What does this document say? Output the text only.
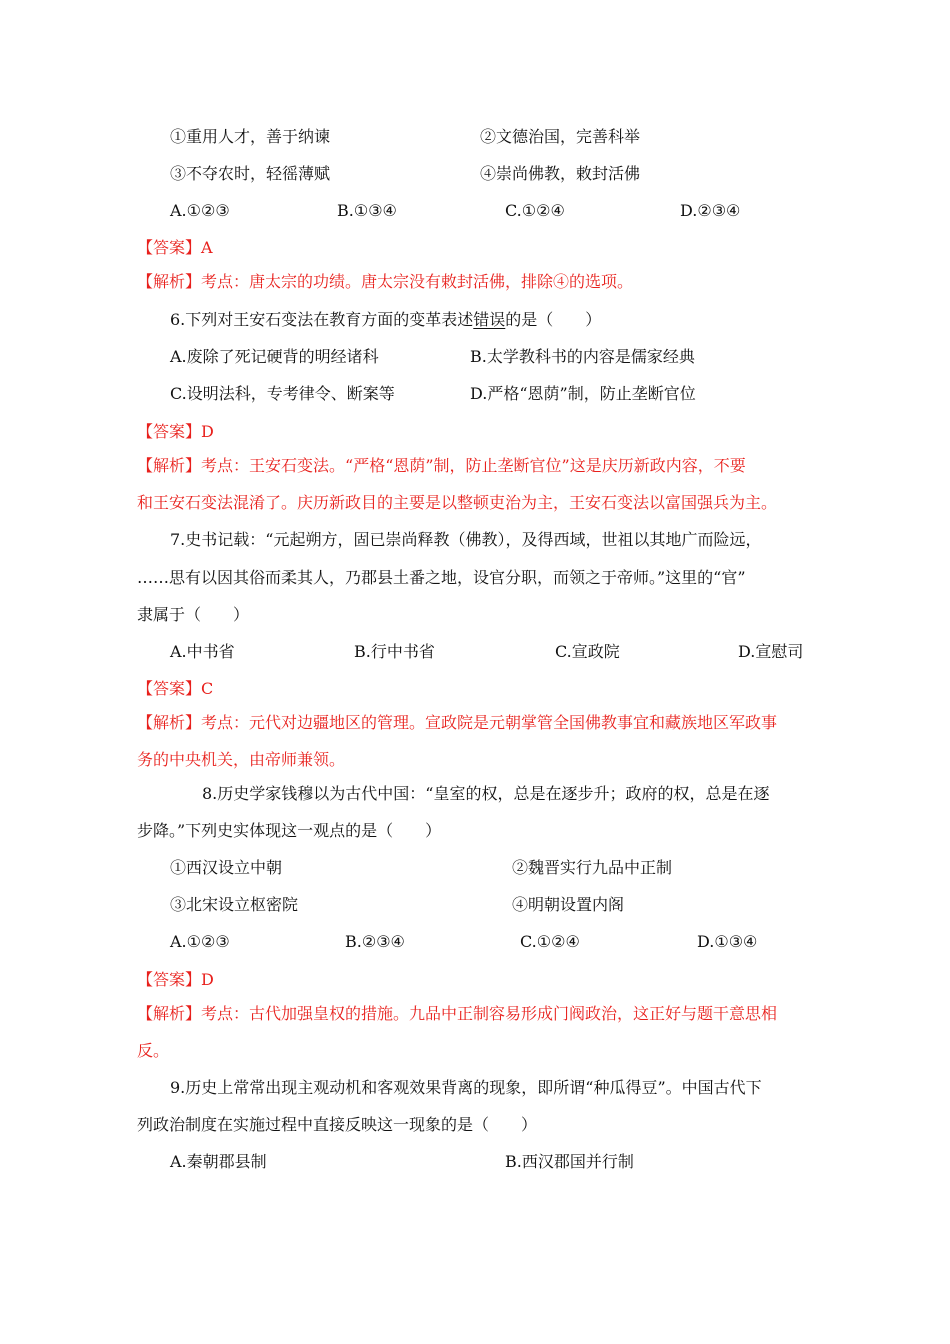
①重用人才，善于纳谏	②文德治国，完善科举
③不夺农时，轻徭薄赋	④崇尚佛教，敕封活佛
A.①②③	B.①③④	C.①②④	D.②③④
【答案】A
【解析】考点：唐太宗的功绩。唐太宗没有敕封活佛，排除④的选项。
6.下列对王安石变法在教育方面的变革表述错误的是（　　）
A.废除了死记硬背的明经诸科	B.太学教科书的内容是儒家经典
C.设明法科，专考律令、断案等	D.严格“恩荫”制，防止垄断官位
【答案】D
【解析】考点：王安石变法。“严格“恩荫”制，防止垄断官位”这是庆历新政内容，不要
和王安石变法混淆了。庆历新政目的主要是以整顿吏治为主，王安石变法以富国强兵为主。
7.史书记载：“元起朔方，固已崇尚释教（佛教），及得西域，世祖以其地广而险远，
……思有以因其俗而柔其人，乃郡县土番之地，设官分职，而领之于帝师。”这里的“官”
隶属于（　　）
A.中书省	B.行中书省	C.宣政院	D.宣慰司
【答案】C
【解析】考点：元代对边疆地区的管理。宣政院是元朝掌管全国佛教事宜和藏族地区军政事
务的中央机关，由帝师兼领。
8.历史学家钱穆以为古代中国：“皇室的权，总是在逐步升；政府的权，总是在逐
步降。”下列史实体现这一观点的是（　　）
①西汉设立中朝	②魏晋实行九品中正制
③北宋设立枢密院	④明朝设置内阁
A.①②③	B.②③④	C.①②④	D.①③④
【答案】D
【解析】考点：古代加强皇权的措施。九品中正制容易形成门阀政治，这正好与题干意思相
反。
9.历史上常常出现主观动机和客观效果背离的现象，即所谓“种瓜得豆”。中国古代下
列政治制度在实施过程中直接反映这一现象的是（　　）
A.秦朝郡县制	B.西汉郡国并行制
